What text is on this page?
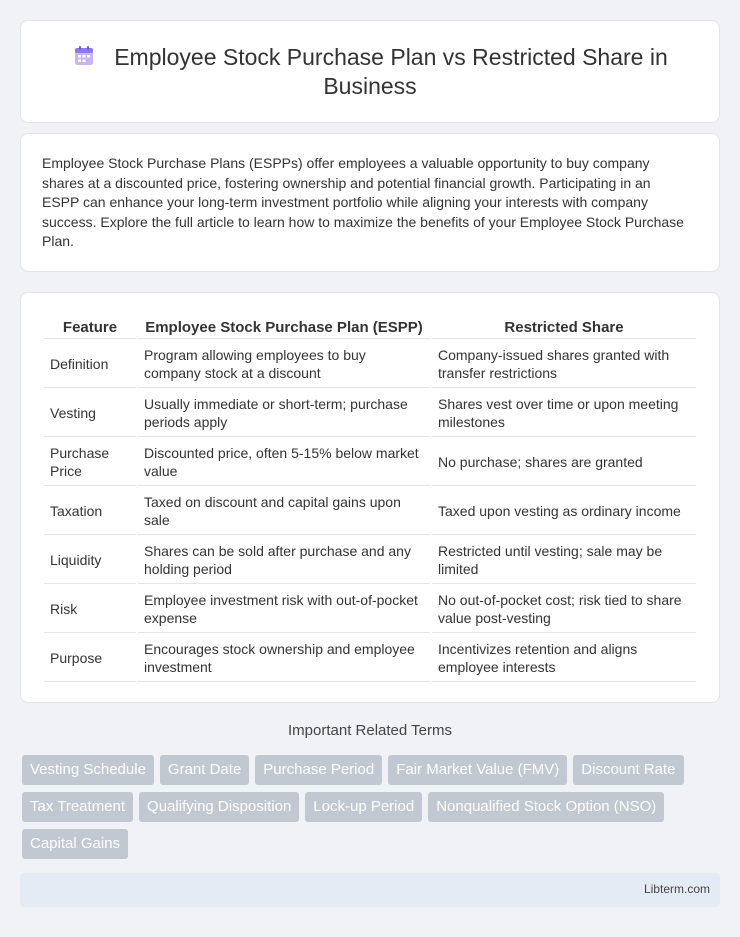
Employee Stock Purchase Plan vs Restricted Share in Business

Employee Stock Purchase Plans (ESPPs) offer employees a valuable opportunity to buy company shares at a discounted price, fostering ownership and potential financial growth. Participating in an ESPP can enhance your long-term investment portfolio while aligning your interests with company success. Explore the full article to learn how to maximize the benefits of your Employee Stock Purchase Plan.

Feature	Employee Stock Purchase Plan (ESPP)	Restricted Share
Definition	Program allowing employees to buy company stock at a discount	Company-issued shares granted with transfer restrictions
Vesting	Usually immediate or short-term; purchase periods apply	Shares vest over time or upon meeting milestones
Purchase Price	Discounted price, often 5-15% below market value	No purchase; shares are granted
Taxation	Taxed on discount and capital gains upon sale	Taxed upon vesting as ordinary income
Liquidity	Shares can be sold after purchase and any holding period	Restricted until vesting; sale may be limited
Risk	Employee investment risk with out-of-pocket expense	No out-of-pocket cost; risk tied to share value post-vesting
Purpose	Encourages stock ownership and employee investment	Incentivizes retention and aligns employee interests
Important Related Terms
Vesting Schedule	Grant Date	Purchase Period	Fair Market Value (FMV)	Discount Rate
Tax Treatment	Qualifying Disposition	Lock-up Period	Nonqualified Stock Option (NSO)
Capital Gains
Libterm.com
